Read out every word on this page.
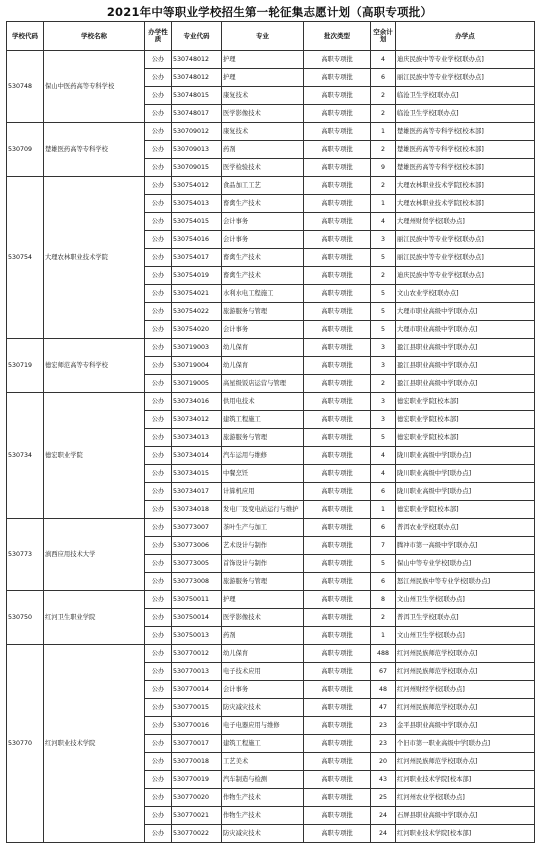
2021年中等职业学校招生第一轮征集志愿计划（高职专项批）
学校代码	学校名称	办学性质	专业代码	专业	批次类型	空余计划	办学点
530748	保山中医药高等专科学校	公办	530748012	护理	高职专项批	4	迪庆民族中等专业学校[联办点]
		公办	530748012	护理	高职专项批	6	丽江民族中等专业学校[联办点]
		公办	530748015	康复技术	高职专项批	2	临沧卫生学校[联办点]
		公办	530748017	医学影像技术	高职专项批	2	临沧卫生学校[联办点]
530709	楚雄医药高等专科学校	公办	530709012	康复技术	高职专项批	1	楚雄医药高等专科学校[校本部]
		公办	530709013	药剂	高职专项批	2	楚雄医药高等专科学校[校本部]
		公办	530709015	医学检验技术	高职专项批	9	楚雄医药高等专科学校[校本部]
530754	大理农林职业技术学院	公办	530754012	食品加工工艺	高职专项批	2	大理农林职业技术学院[校本部]
		公办	530754013	畜禽生产技术	高职专项批	1	大理农林职业技术学院[校本部]
		公办	530754015	会计事务	高职专项批	4	大理州财贸学校[联办点]
		公办	530754016	会计事务	高职专项批	3	丽江民族中等专业学校[联办点]
		公办	530754017	畜禽生产技术	高职专项批	5	丽江民族中等专业学校[联办点]
		公办	530754019	畜禽生产技术	高职专项批	2	迪庆民族中等专业学校[联办点]
		公办	530754021	水利水电工程施工	高职专项批	5	文山农业学校[联办点]
		公办	530754022	旅游服务与管理	高职专项批	5	大理市职业高级中学[联办点]
		公办	530754020	会计事务	高职专项批	5	大理市职业高级中学[联办点]
530719	德宏师范高等专科学校	公办	530719003	幼儿保育	高职专项批	3	盈江县职业高级中学[联办点]
		公办	530719004	幼儿保育	高职专项批	3	盈江县职业高级中学[联办点]
		公办	530719005	高星级饭店运营与管理	高职专项批	2	盈江县职业高级中学[联办点]
530734	德宏职业学院	公办	530734016	供用电技术	高职专项批	3	德宏职业学院[校本部]
		公办	530734012	建筑工程施工	高职专项批	3	德宏职业学院[校本部]
		公办	530734013	旅游服务与管理	高职专项批	5	德宏职业学院[校本部]
		公办	530734014	汽车运用与维修	高职专项批	4	陇川职业高级中学[联办点]
		公办	530734015	中餐烹饪	高职专项批	4	陇川职业高级中学[联办点]
		公办	530734017	计算机应用	高职专项批	6	陇川职业高级中学[联办点]
		公办	530734018	发电厂及变电站运行与维护	高职专项批	1	德宏职业学院[校本部]
530773	滇西应用技术大学	公办	530773007	茶叶生产与加工	高职专项批	6	普洱农业学校[联办点]
		公办	530773006	艺术设计与制作	高职专项批	7	腾冲市第一高级中学[联办点]
		公办	530773005	首饰设计与制作	高职专项批	5	保山中等专业学校[联办点]
		公办	530773008	旅游服务与管理	高职专项批	6	怒江州民族中等专业学校[联办点]
530750	红河卫生职业学院	公办	530750011	护理	高职专项批	8	文山州卫生学校[联办点]
		公办	530750014	医学影像技术	高职专项批	2	普洱卫生学校[联办点]
		公办	530750013	药剂	高职专项批	1	文山州卫生学校[联办点]
530770	红河职业技术学院	公办	530770012	幼儿保育	高职专项批	488	红河州民族师范学校[联办点]
		公办	530770013	电子技术应用	高职专项批	67	红河州民族师范学校[联办点]
		公办	530770014	会计事务	高职专项批	48	红河州财经学校[联办点]
		公办	530770015	防灾减灾技术	高职专项批	47	红河州民族师范学校[联办点]
		公办	530770016	电子电器应用与维修	高职专项批	23	金平县职业高级中学[联办点]
		公办	530770017	建筑工程施工	高职专项批	23	个旧市第一职业高级中学[联办点]
		公办	530770018	工艺美术	高职专项批	20	红河州民族师范学校[联办点]
		公办	530770019	汽车制造与检测	高职专项批	43	红河职业技术学院[校本部]
		公办	530770020	作物生产技术	高职专项批	25	红河州农业学校[联办点]
		公办	530770021	作物生产技术	高职专项批	24	石屏县职业高级中学[联办点]
		公办	530770022	防灾减灾技术	高职专项批	24	红河职业技术学院[校本部]
